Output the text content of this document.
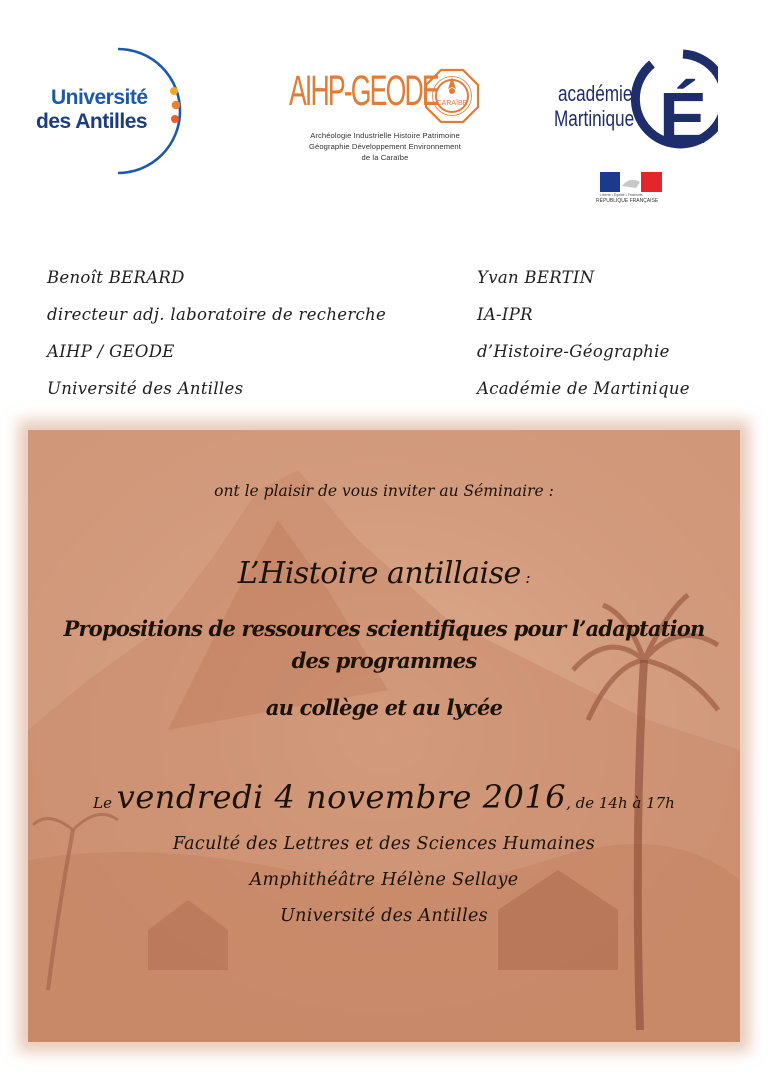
Université
des Antilles
AIHP-GEODE
CARAÏBE
Archéologie Industrielle Histoire Patrimoine
Géographie Développement Environnement
de la Caraïbe	É
académie
Martinique
Liberté • Égalité • Fraternité
RÉPUBLIQUE FRANÇAISE
Benoît BERARD
directeur adj. laboratoire de recherche
AIHP / GEODE
Université des Antilles
Yvan BERTIN
IA-IPR
d’Histoire-Géographie
Académie de Martinique
ont le plaisir de vous inviter au Séminaire :
L’Histoire antillaise :
Propositions de ressources scientifiques pour l’adaptation
des programmes
au collège et au lycée
Le vendredi 4 novembre 2016, de 14h à 17h
Faculté des Lettres et des Sciences Humaines
Amphithéâtre Hélène Sellaye
Université des Antilles
